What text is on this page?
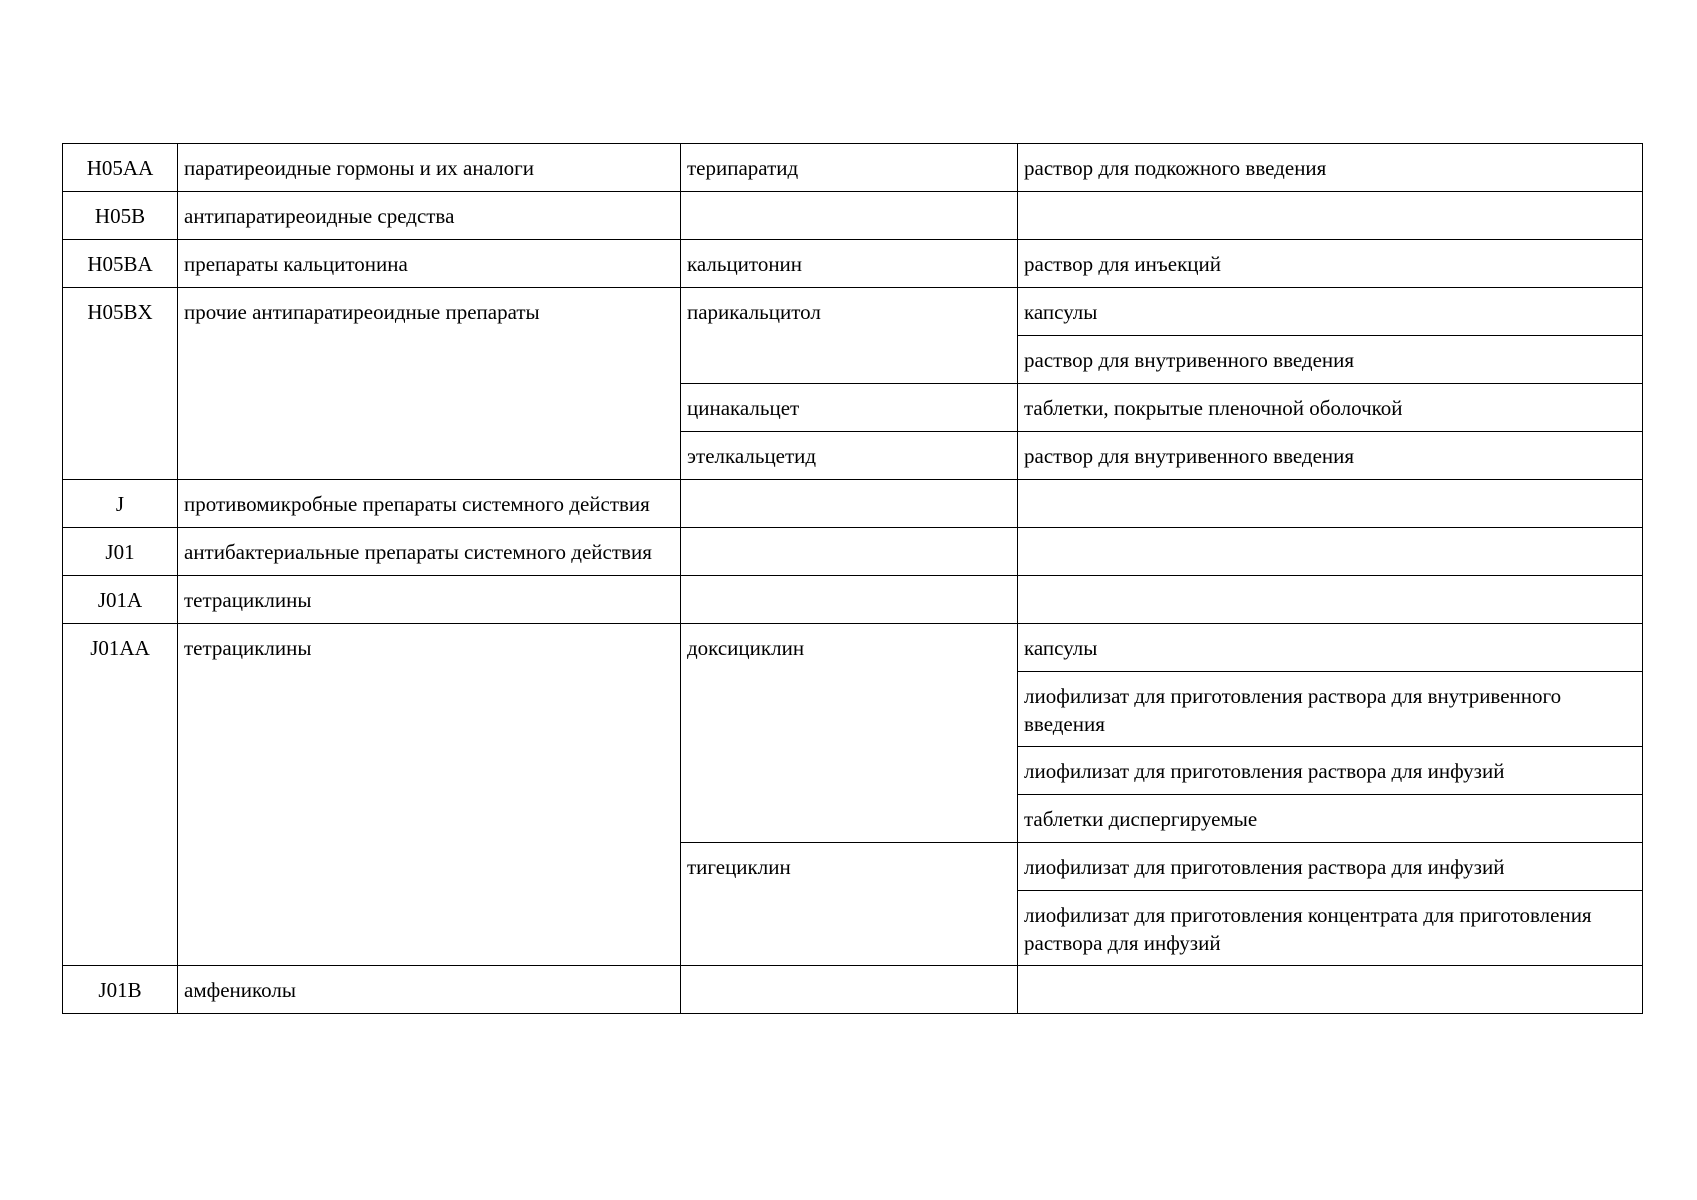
H05AA	паратиреоидные гормоны и их аналоги	терипаратид	раствор для подкожного введения
H05B	антипаратиреоидные средства		
H05BA	препараты кальцитонина	кальцитонин	раствор для инъекций
H05BX	прочие антипаратиреоидные препараты	парикальцитол	капсулы
			раствор для внутривенного введения
		цинакальцет	таблетки, покрытые пленочной оболочкой
		этелкальцетид	раствор для внутривенного введения
J	противомикробные препараты системного действия		
J01	антибактериальные препараты системного действия		
J01A	тетрациклины		
J01AA	тетрациклины	доксициклин	капсулы
			лиофилизат для приготовления раствора для внутривенного введения
			лиофилизат для приготовления раствора для инфузий
			таблетки диспергируемые
		тигециклин	лиофилизат для приготовления раствора для инфузий
			лиофилизат для приготовления концентрата для приготовления раствора для инфузий
J01B	амфениколы		
